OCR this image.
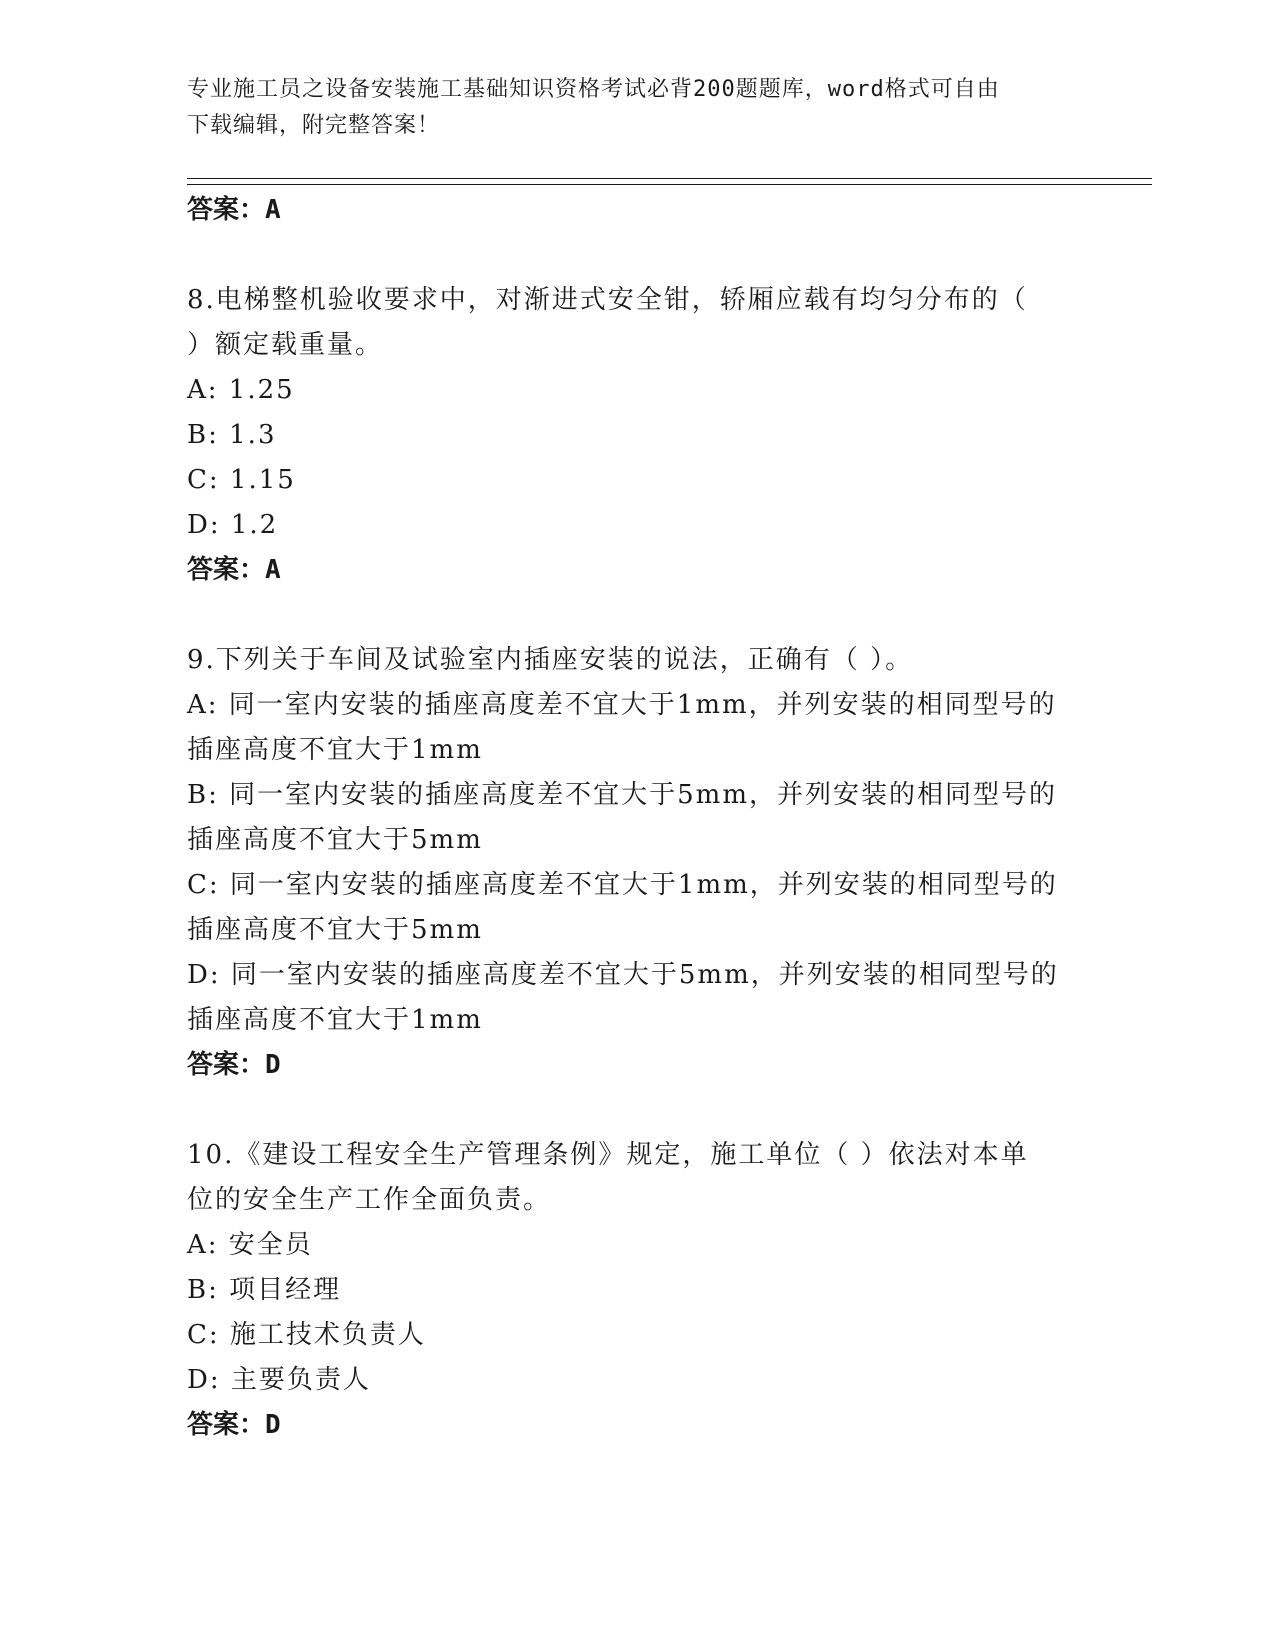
专业施工员之设备安装施工基础知识资格考试必背200题题库，word格式可自由
下载编辑，附完整答案！
答案：A
8.电梯整机验收要求中，对渐进式安全钳，轿厢应载有均匀分布的（
）额定载重量。
A: 1.25
B: 1.3
C: 1.15
D: 1.2
答案：A
9.下列关于车间及试验室内插座安装的说法，正确有（ ）。
A: 同一室内安装的插座高度差不宜大于1mm，并列安装的相同型号的
插座高度不宜大于1mm
B: 同一室内安装的插座高度差不宜大于5mm，并列安装的相同型号的
插座高度不宜大于5mm
C: 同一室内安装的插座高度差不宜大于1mm，并列安装的相同型号的
插座高度不宜大于5mm
D: 同一室内安装的插座高度差不宜大于5mm，并列安装的相同型号的
插座高度不宜大于1mm
答案：D
10.《建设工程安全生产管理条例》规定，施工单位（ ）依法对本单
位的安全生产工作全面负责。
A: 安全员
B: 项目经理
C: 施工技术负责人
D: 主要负责人
答案：D
